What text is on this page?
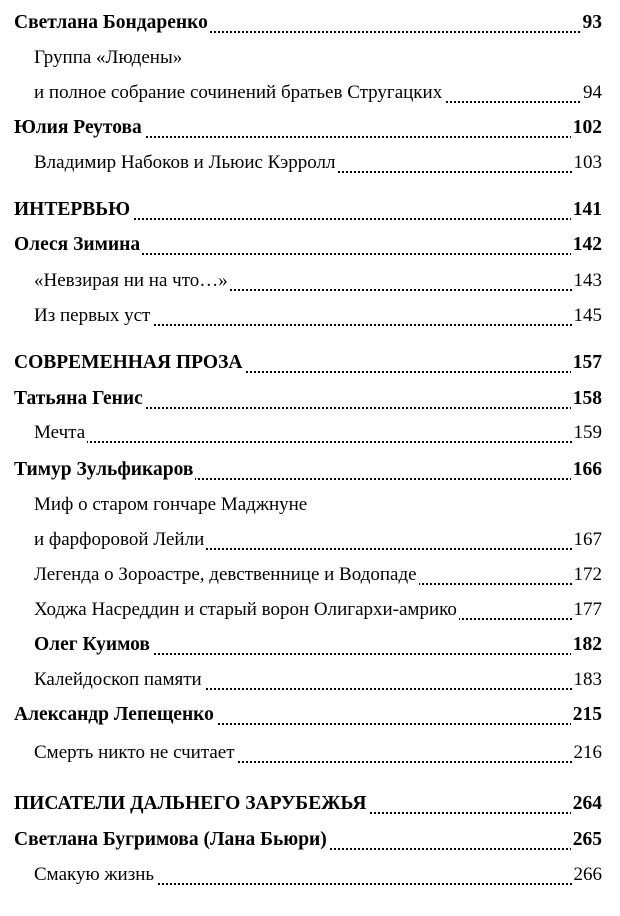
Светлана Бондаренко	93
Группа «Людены»
и полное собрание сочинений братьев Стругацких	94
Юлия Реутова	102
Владимир Набоков и Льюис Кэрролл	103
ИНТЕРВЬЮ	141
Олеся Зимина	142
«Невзирая ни на что…»	143
Из первых уст	145
СОВРЕМЕННАЯ ПРОЗА	157
Татьяна Генис	158
Мечта	159
Тимур Зульфикаров	166
Миф о старом гончаре Маджнуне
и фарфоровой Лейли	167
Легенда о Зороастре, девственнице и Водопаде	172
Ходжа Насреддин и старый ворон Олигархи-амрико	177
Олег Куимов	182
Калейдоскоп памяти	183
Александр Лепещенко	215
Смерть никто не считает	216
ПИСАТЕЛИ ДАЛЬНЕГО ЗАРУБЕЖЬЯ	264
Светлана Бугримова (Лана Бьюри)	265
Смакую жизнь	266
